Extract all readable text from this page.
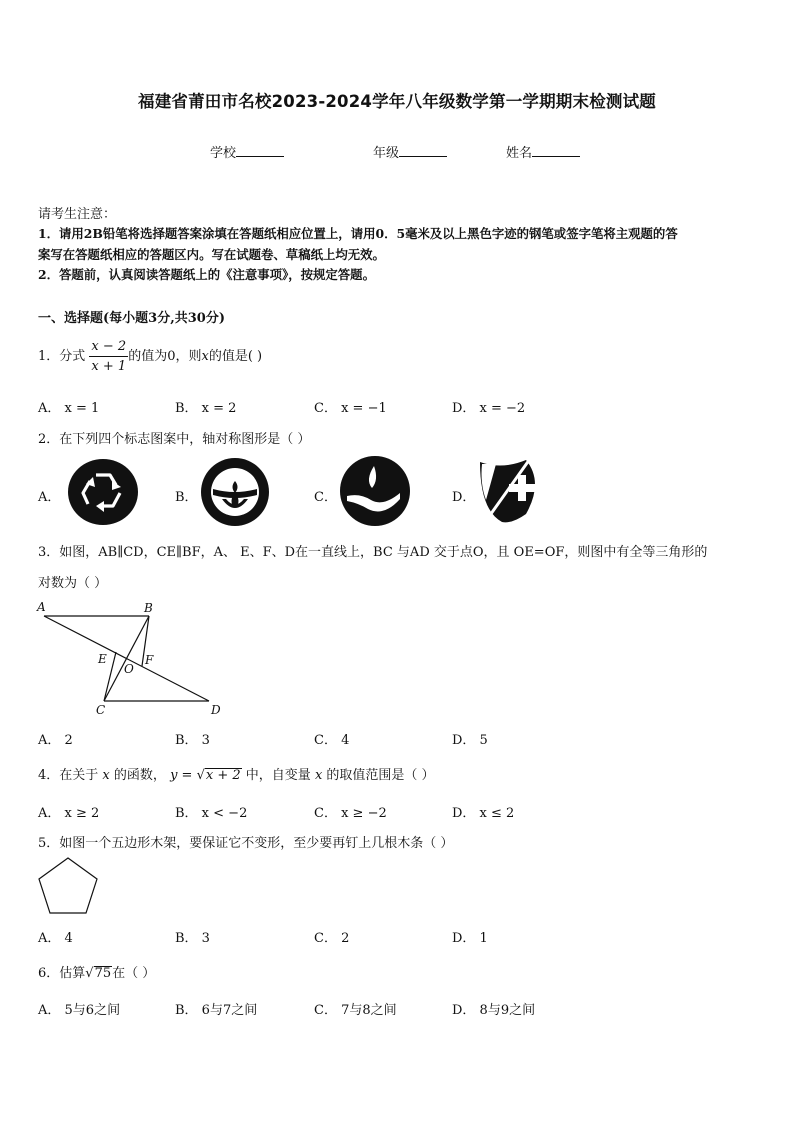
福建省莆田市名校2023-2024学年八年级数学第一学期期末检测试题
学校	年级	姓名
请考生注意：
1．请用2B铅笔将选择题答案涂填在答题纸相应位置上，请用0．5毫米及以上黑色字迹的钢笔或签字笔将主观题的答
案写在答题纸相应的答题区内。写在试题卷、草稿纸上均无效。
2．答题前，认真阅读答题纸上的《注意事项》，按规定答题。
一、选择题(每小题3分,共30分)
1．分式 $\frac{x - 2}{x + 1}$ 的值为0，则x的值是( )
A． x = 1	B． x = 2	C． x = −1	D． x = −2
2．在下列四个标志图案中，轴对称图形是（ ）
A．	B．	C．	D．
3．如图，AB∥CD，CE∥BF，A、 E、F、D在一直线上，BC 与AD 交于点O，且 OE=OF，则图中有全等三角形的
对数为（ ）
A	B
C	D
E	F
O
A． 2	B． 3	C． 4	D． 5
4．在关于 x 的函数， y = √x + 2 中，自变量 x 的取值范围是（ ）
A． x ≥ 2	B． x < −2	C． x ≥ −2	D． x ≤ 2
5．如图一个五边形木架，要保证它不变形，至少要再钉上几根木条（ ）
A． 4	B． 3	C． 2	D． 1
6．估算√75在（ ）
A． 5与6之间	B． 6与7之间	C． 7与8之间	D． 8与9之间
